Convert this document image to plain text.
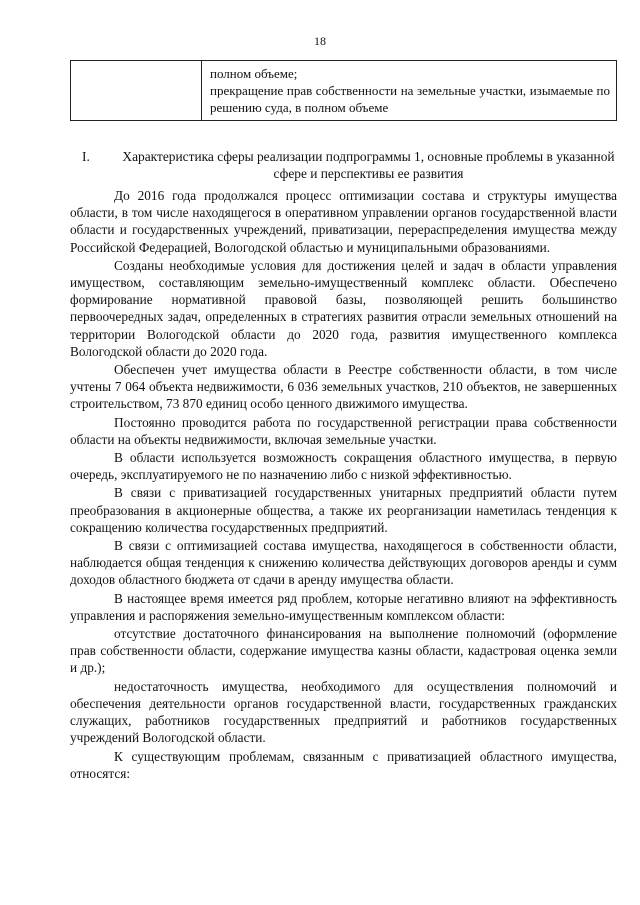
18

полном объеме;

прекращение прав собственности на земельные участки, изымаемые по решению суда, в полном объеме

I. Характеристика сферы реализации подпрограммы 1, основные проблемы в указанной сфере и перспективы ее развития

До 2016 года продолжался процесс оптимизации состава и структуры имущества области, в том числе находящегося в оперативном управлении органов государственной власти области и государственных учреждений, приватизации, перераспределения имущества между Российской Федерацией, Вологодской областью и муниципальными образованиями.

Созданы необходимые условия для достижения целей и задач в области управления имуществом, составляющим земельно-имущественный комплекс области. Обеспечено формирование нормативной правовой базы, позволяющей решить большинство первоочередных задач, определенных в стратегиях развития отрасли земельных отношений на территории Вологодской области до 2020 года, развития имущественного комплекса Вологодской области до 2020 года.

Обеспечен учет имущества области в Реестре собственности области, в том числе учтены 7 064 объекта недвижимости, 6 036 земельных участков, 210 объектов, не завершенных строительством, 73 870 единиц особо ценного движимого имущества.

Постоянно проводится работа по государственной регистрации права собственности области на объекты недвижимости, включая земельные участки.

В области используется возможность сокращения областного имущества, в первую очередь, эксплуатируемого не по назначению либо с низкой эффективностью.

В связи с приватизацией государственных унитарных предприятий области путем преобразования в акционерные общества, а также их реорганизации наметилась тенденция к сокращению количества государственных предприятий.

В связи с оптимизацией состава имущества, находящегося в собственности области, наблюдается общая тенденция к снижению количества действующих договоров аренды и сумм доходов областного бюджета от сдачи в аренду имущества области.

В настоящее время имеется ряд проблем, которые негативно влияют на эффективность управления и распоряжения земельно-имущественным комплексом области:

отсутствие достаточного финансирования на выполнение полномочий (оформление прав собственности области, содержание имущества казны области, кадастровая оценка земли и др.);

недостаточность имущества, необходимого для осуществления полномочий и обеспечения деятельности органов государственной власти, государственных гражданских служащих, работников государственных предприятий и работников государственных учреждений Вологодской области.

К существующим проблемам, связанным с приватизацией областного имущества, относятся:
